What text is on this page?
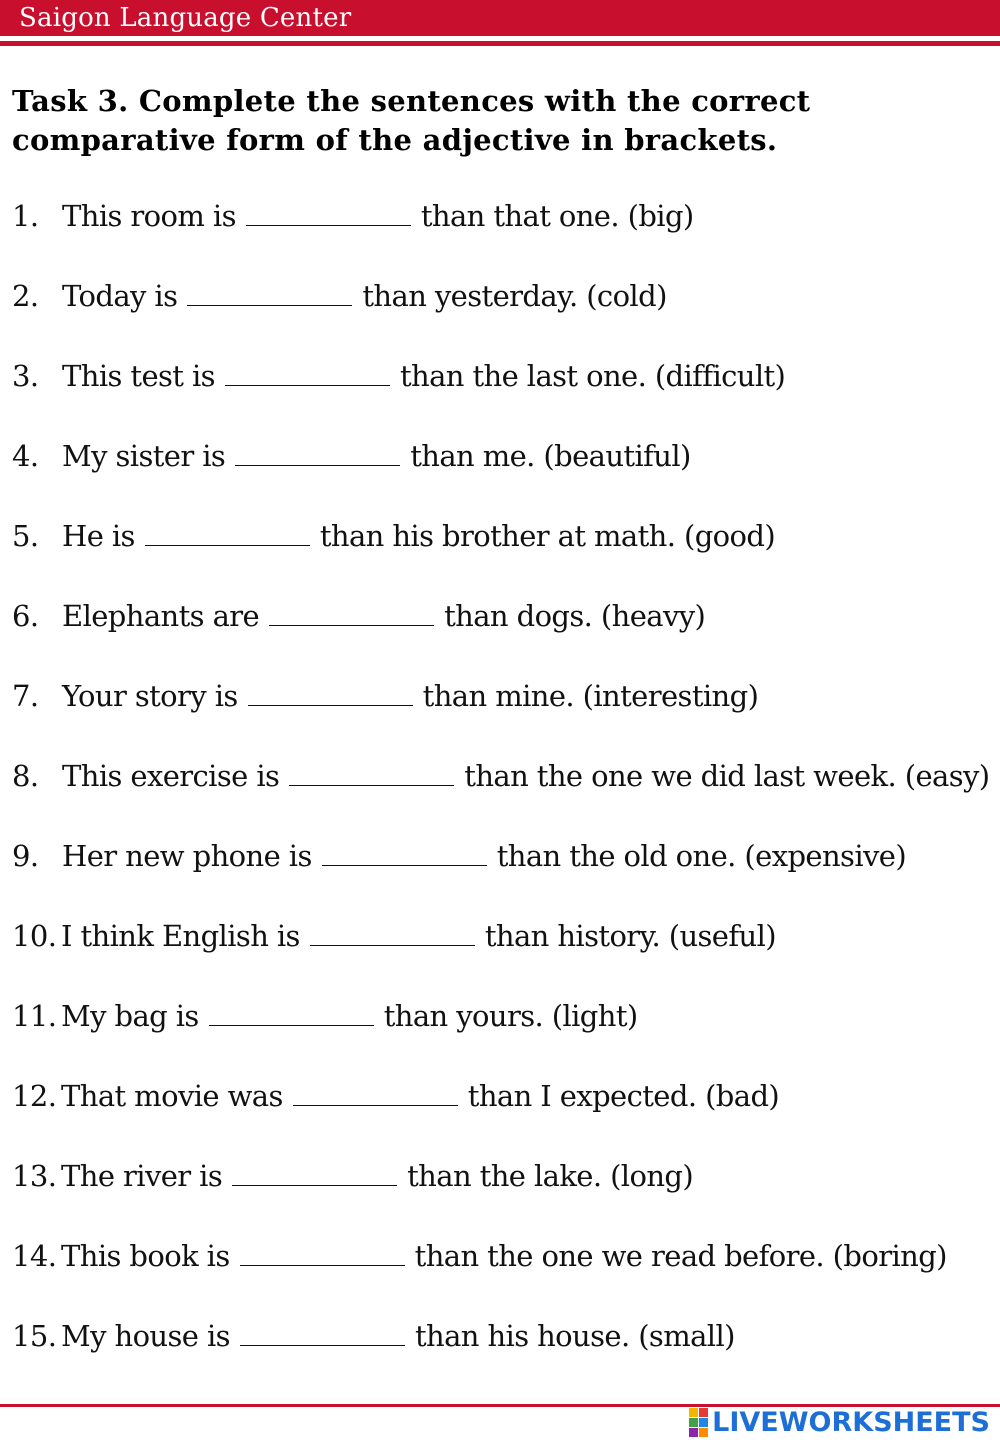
Saigon Language Center
Task 3. Complete the sentences with the correct comparative form of the adjective in brackets.
1. This room is	than that one. (big)
2. Today is	than yesterday. (cold)
3. This test is	than the last one. (difficult)
4. My sister is	than me. (beautiful)
5. He is	than his brother at math. (good)
6. Elephants are	than dogs. (heavy)
7. Your story is	than mine. (interesting)
8. This exercise is	than the one we did last week. (easy)
9. Her new phone is	than the old one. (expensive)
10. I think English is	than history. (useful)
11. My bag is	than yours. (light)
12. That movie was	than I expected. (bad)
13. The river is	than the lake. (long)
14. This book is	than the one we read before. (boring)
15. My house is	than his house. (small)
LIVEWORKSHEETS
